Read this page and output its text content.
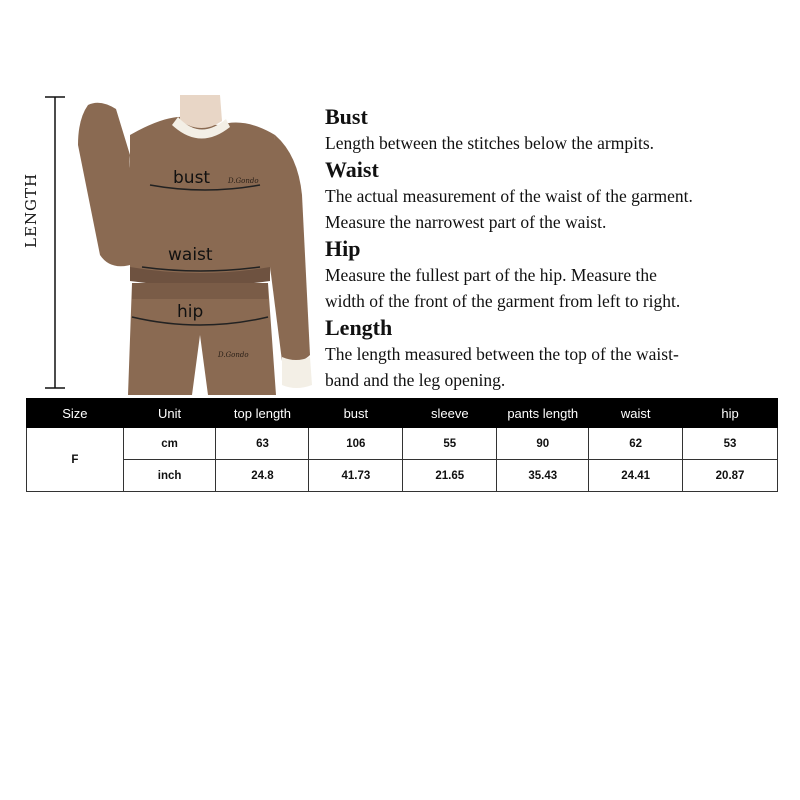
LENGTH	D.Gondo
D.Gondo
bust
waist
hip

Bust

Length between the stitches below the armpits.

Waist

The actual measurement of the waist of the garment.

Measure the narrowest part of the waist.

Hip

Measure the fullest part of the hip. Measure the

width of the front of the garment from left to right.

Length

The length measured between the top of the waist-

band and the leg opening.

Size	Unit	top length	bust	sleeve	pants length	waist	hip
F	cm	63	106	55	90	62	53
	inch	24.8	41.73	21.65	35.43	24.41	20.87
